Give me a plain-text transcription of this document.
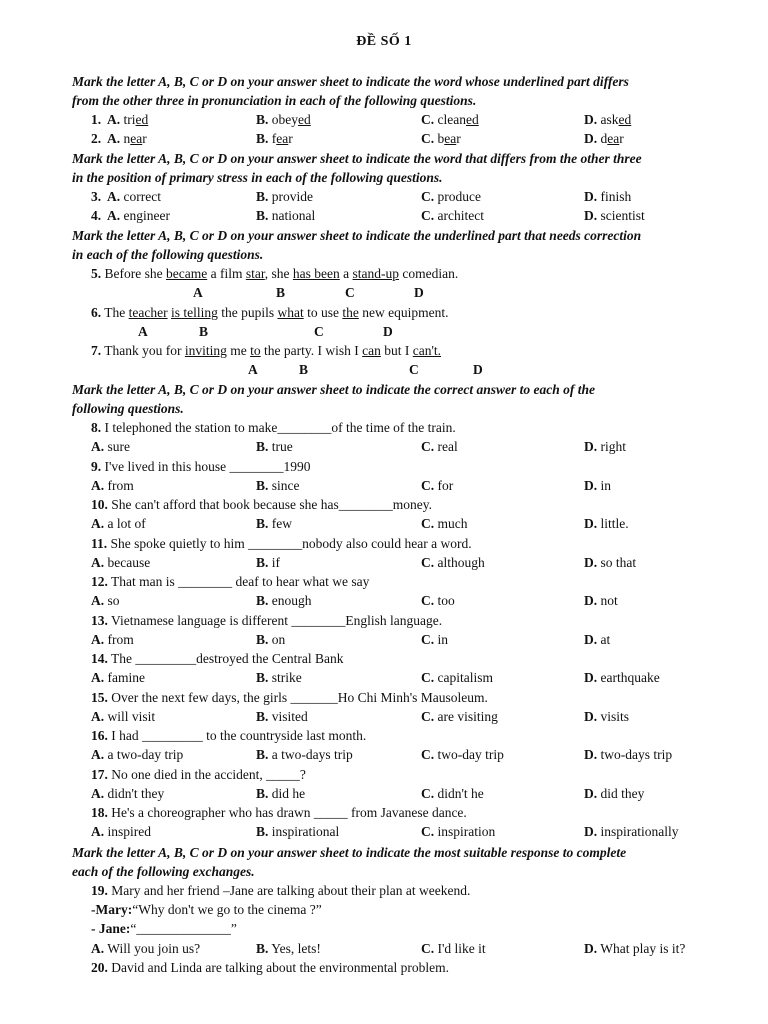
ĐỀ SỐ 1
Mark the letter A, B, C or D on your answer sheet to indicate the word whose underlined part differs
from the other three in pronunciation in each of the following questions.
1. A. tried	B. obeyed	C. cleaned	D. asked
2. A. near	B. fear	C. bear	D. dear
Mark the letter A, B, C or D on your answer sheet to indicate the word that differs from the other three
in the position of primary stress in each of the following questions.
3. A. correct	B. provide	C. produce	D. finish
4. A. engineer	B. national	C. architect	D. scientist
Mark the letter A, B, C or D on your answer sheet to indicate the underlined part that needs correction
in each of the following questions.
5. Before she became a film star, she has been a stand-up comedian.
A	B	C	D
6. The teacher is telling the pupils what to use the new equipment.
A	B	C	D
7. Thank you for inviting me to the party. I wish I can but I can't.
A	B	C	D
Mark the letter A, B, C or D on your answer sheet to indicate the correct answer to each of the
following questions.
8. I telephoned the station to make________of the time of the train.
A. sure	B. true	C. real	D. right
9. I've lived in this house ________1990
A. from	B. since	C. for	D. in
10. She can't afford that book because she has________money.
A. a lot of	B. few	C. much	D. little.
11. She spoke quietly to him ________nobody also could hear a word.
A. because	B. if	C. although	D. so that
12. That man is ________ deaf to hear what we say
A. so	B. enough	C. too	D. not
13. Vietnamese language is different ________English language.
A. from	B. on	C. in	D. at
14. The _________destroyed the Central Bank
A. famine	B. strike	C. capitalism	D. earthquake
15. Over the next few days, the girls _______Ho Chi Minh's Mausoleum.
A. will visit	B. visited	C. are visiting	D. visits
16. I had _________ to the countryside last month.
A. a two-day trip	B. a two-days trip	C. two-day trip	D. two-days trip
17. No one died in the accident, _____?
A. didn't they	B. did he	C. didn't he	D. did they
18. He's a choreographer who has drawn _____ from Javanese dance.
A. inspired	B. inspirational	C. inspiration	D. inspirationally
Mark the letter A, B, C or D on your answer sheet to indicate the most suitable response to complete
each of the following exchanges.
19. Mary and her friend –Jane are talking about their plan at weekend.
-Mary:“Why don't we go to the cinema ?”
- Jane:“______________”
A. Will you join us?	B. Yes, lets!	C. I'd like it	D. What play is it?
20. David and Linda are talking about the environmental problem.
